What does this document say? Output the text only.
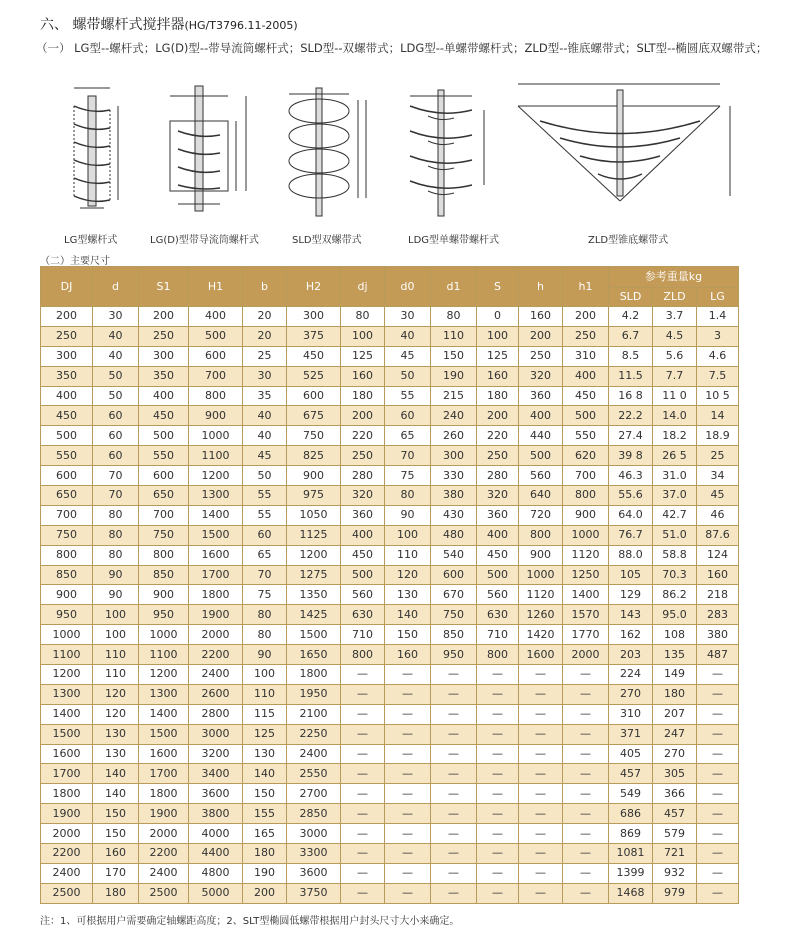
六、 螺带螺杆式搅拌器(HG/T3796.11-2005)
（一） LG型--螺杆式；LG(D)型--带导流筒螺杆式；SLD型--双螺带式；LDG型--单螺带螺杆式；ZLD型--锥底螺带式；SLT型--椭圆底双螺带式；
LG型螺杆式	LG(D)型带导流筒螺杆式	SLD型双螺带式	LDG型单螺带螺杆式	ZLD型锥底螺带式
（二）主要尺寸
DJ	d	S1	H1	b	H2	dj	d0	d1	S	h	h1	参考重量kg		
												SLD	ZLD	LG
200	30	200	400	20	300	80	30	80	0	160	200	4.2	3.7	1.4
250	40	250	500	20	375	100	40	110	100	200	250	6.7	4.5	3
300	40	300	600	25	450	125	45	150	125	250	310	8.5	5.6	4.6
350	50	350	700	30	525	160	50	190	160	320	400	11.5	7.7	7.5
400	50	400	800	35	600	180	55	215	180	360	450	16 8	11 0	10 5
450	60	450	900	40	675	200	60	240	200	400	500	22.2	14.0	14
500	60	500	1000	40	750	220	65	260	220	440	550	27.4	18.2	18.9
550	60	550	1100	45	825	250	70	300	250	500	620	39 8	26 5	25
600	70	600	1200	50	900	280	75	330	280	560	700	46.3	31.0	34
650	70	650	1300	55	975	320	80	380	320	640	800	55.6	37.0	45
700	80	700	1400	55	1050	360	90	430	360	720	900	64.0	42.7	46
750	80	750	1500	60	1125	400	100	480	400	800	1000	76.7	51.0	87.6
800	80	800	1600	65	1200	450	110	540	450	900	1120	88.0	58.8	124
850	90	850	1700	70	1275	500	120	600	500	1000	1250	105	70.3	160
900	90	900	1800	75	1350	560	130	670	560	1120	1400	129	86.2	218
950	100	950	1900	80	1425	630	140	750	630	1260	1570	143	95.0	283
1000	100	1000	2000	80	1500	710	150	850	710	1420	1770	162	108	380
1100	110	1100	2200	90	1650	800	160	950	800	1600	2000	203	135	487
1200	110	1200	2400	100	1800	—	—	—	—	—	—	224	149	—
1300	120	1300	2600	110	1950	—	—	—	—	—	—	270	180	—
1400	120	1400	2800	115	2100	—	—	—	—	—	—	310	207	—
1500	130	1500	3000	125	2250	—	—	—	—	—	—	371	247	—
1600	130	1600	3200	130	2400	—	—	—	—	—	—	405	270	—
1700	140	1700	3400	140	2550	—	—	—	—	—	—	457	305	—
1800	140	1800	3600	150	2700	—	—	—	—	—	—	549	366	—
1900	150	1900	3800	155	2850	—	—	—	—	—	—	686	457	—
2000	150	2000	4000	165	3000	—	—	—	—	—	—	869	579	—
2200	160	2200	4400	180	3300	—	—	—	—	—	—	1081	721	—
2400	170	2400	4800	190	3600	—	—	—	—	—	—	1399	932	—
2500	180	2500	5000	200	3750	—	—	—	—	—	—	1468	979	—
注：1、可根据用户需要确定轴螺距高度；2、SLT型椭圆低螺带根据用户封头尺寸大小来确定。
